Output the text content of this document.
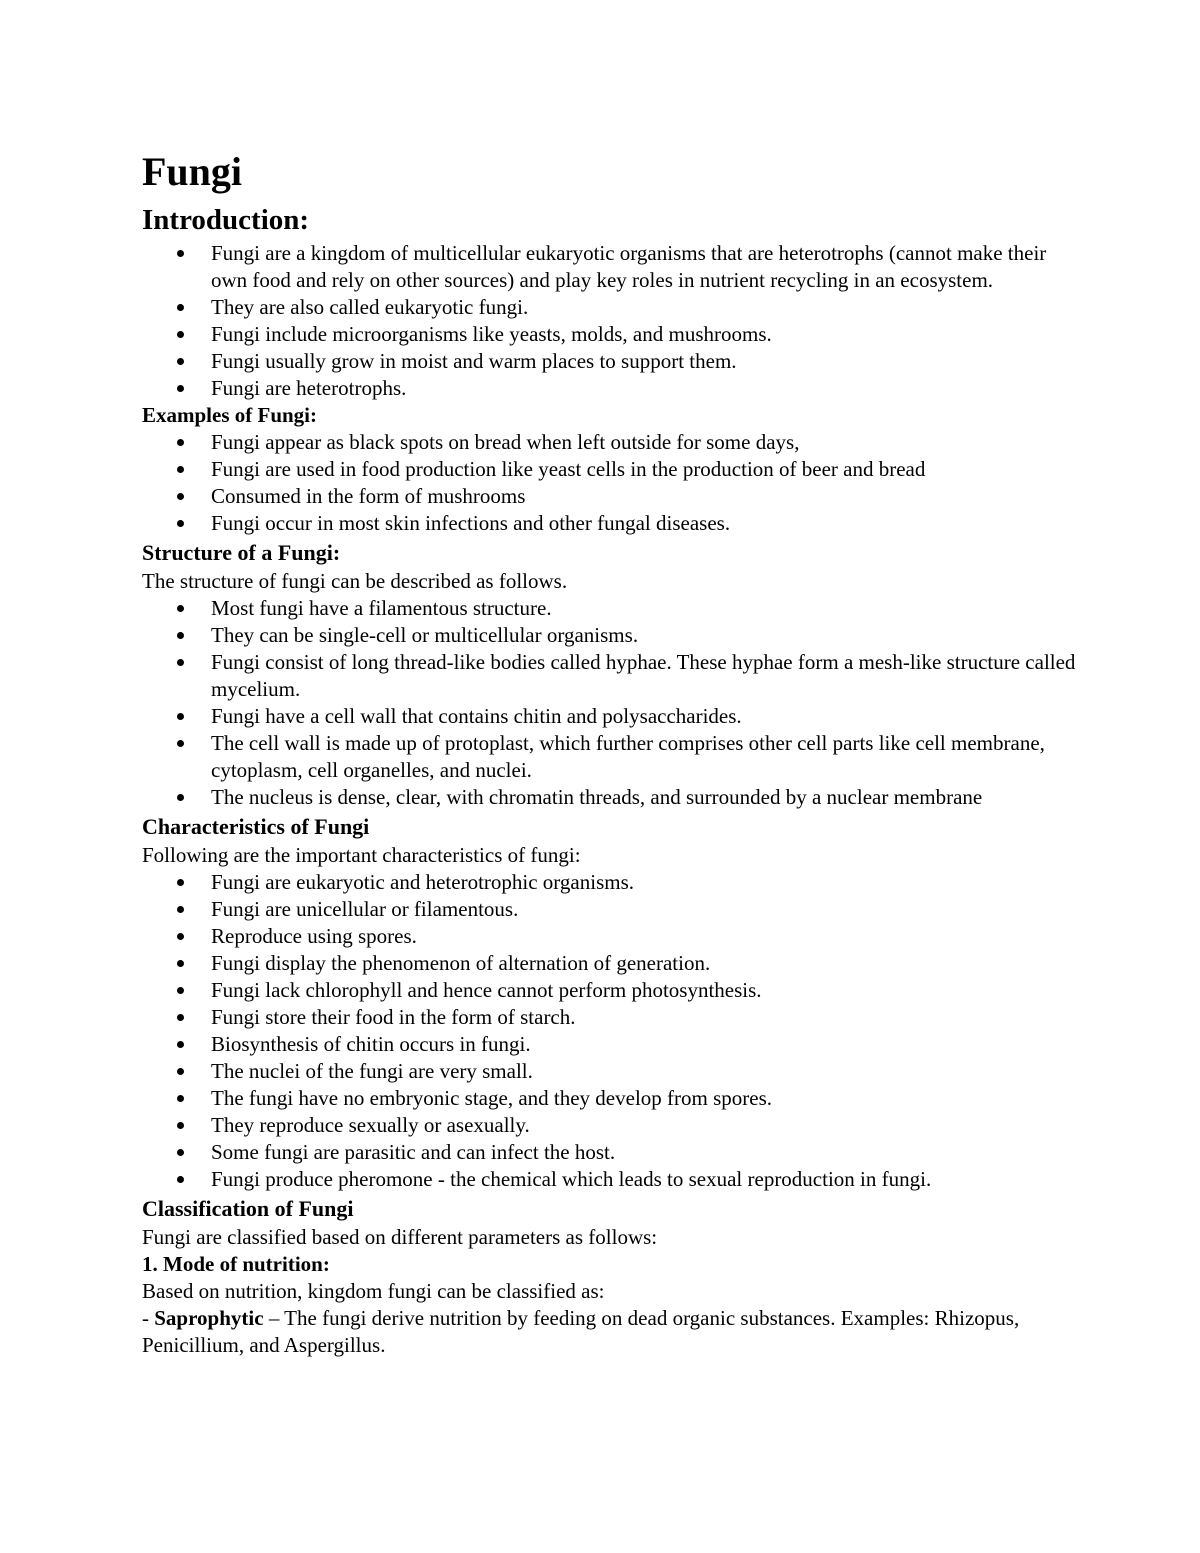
Fungi
Introduction:
Fungi are a kingdom of multicellular eukaryotic organisms that are heterotrophs (cannot make their own food and rely on other sources) and play key roles in nutrient recycling in an ecosystem.
They are also called eukaryotic fungi.
Fungi include microorganisms like yeasts, molds, and mushrooms.
Fungi usually grow in moist and warm places to support them.
Fungi are heterotrophs.
Examples of Fungi:
Fungi appear as black spots on bread when left outside for some days,
Fungi are used in food production like yeast cells in the production of beer and bread
Consumed in the form of mushrooms
Fungi occur in most skin infections and other fungal diseases.
Structure of a Fungi:

The structure of fungi can be described as follows.

Most fungi have a filamentous structure.
They can be single-cell or multicellular organisms.
Fungi consist of long thread-like bodies called hyphae. These hyphae form a mesh-like structure called mycelium.
Fungi have a cell wall that contains chitin and polysaccharides.
The cell wall is made up of protoplast, which further comprises other cell parts like cell membrane, cytoplasm, cell organelles, and nuclei.
The nucleus is dense, clear, with chromatin threads, and surrounded by a nuclear membrane
Characteristics of Fungi

Following are the important characteristics of fungi:

Fungi are eukaryotic and heterotrophic organisms.
Fungi are unicellular or filamentous.
Reproduce using spores.
Fungi display the phenomenon of alternation of generation.
Fungi lack chlorophyll and hence cannot perform photosynthesis.
Fungi store their food in the form of starch.
Biosynthesis of chitin occurs in fungi.
The nuclei of the fungi are very small.
The fungi have no embryonic stage, and they develop from spores.
They reproduce sexually or asexually.
Some fungi are parasitic and can infect the host.
Fungi produce pheromone - the chemical which leads to sexual reproduction in fungi.
Classification of Fungi

Fungi are classified based on different parameters as follows:

1. Mode of nutrition:

Based on nutrition, kingdom fungi can be classified as:

- Saprophytic – The fungi derive nutrition by feeding on dead organic substances. Examples: Rhizopus, Penicillium, and Aspergillus.
